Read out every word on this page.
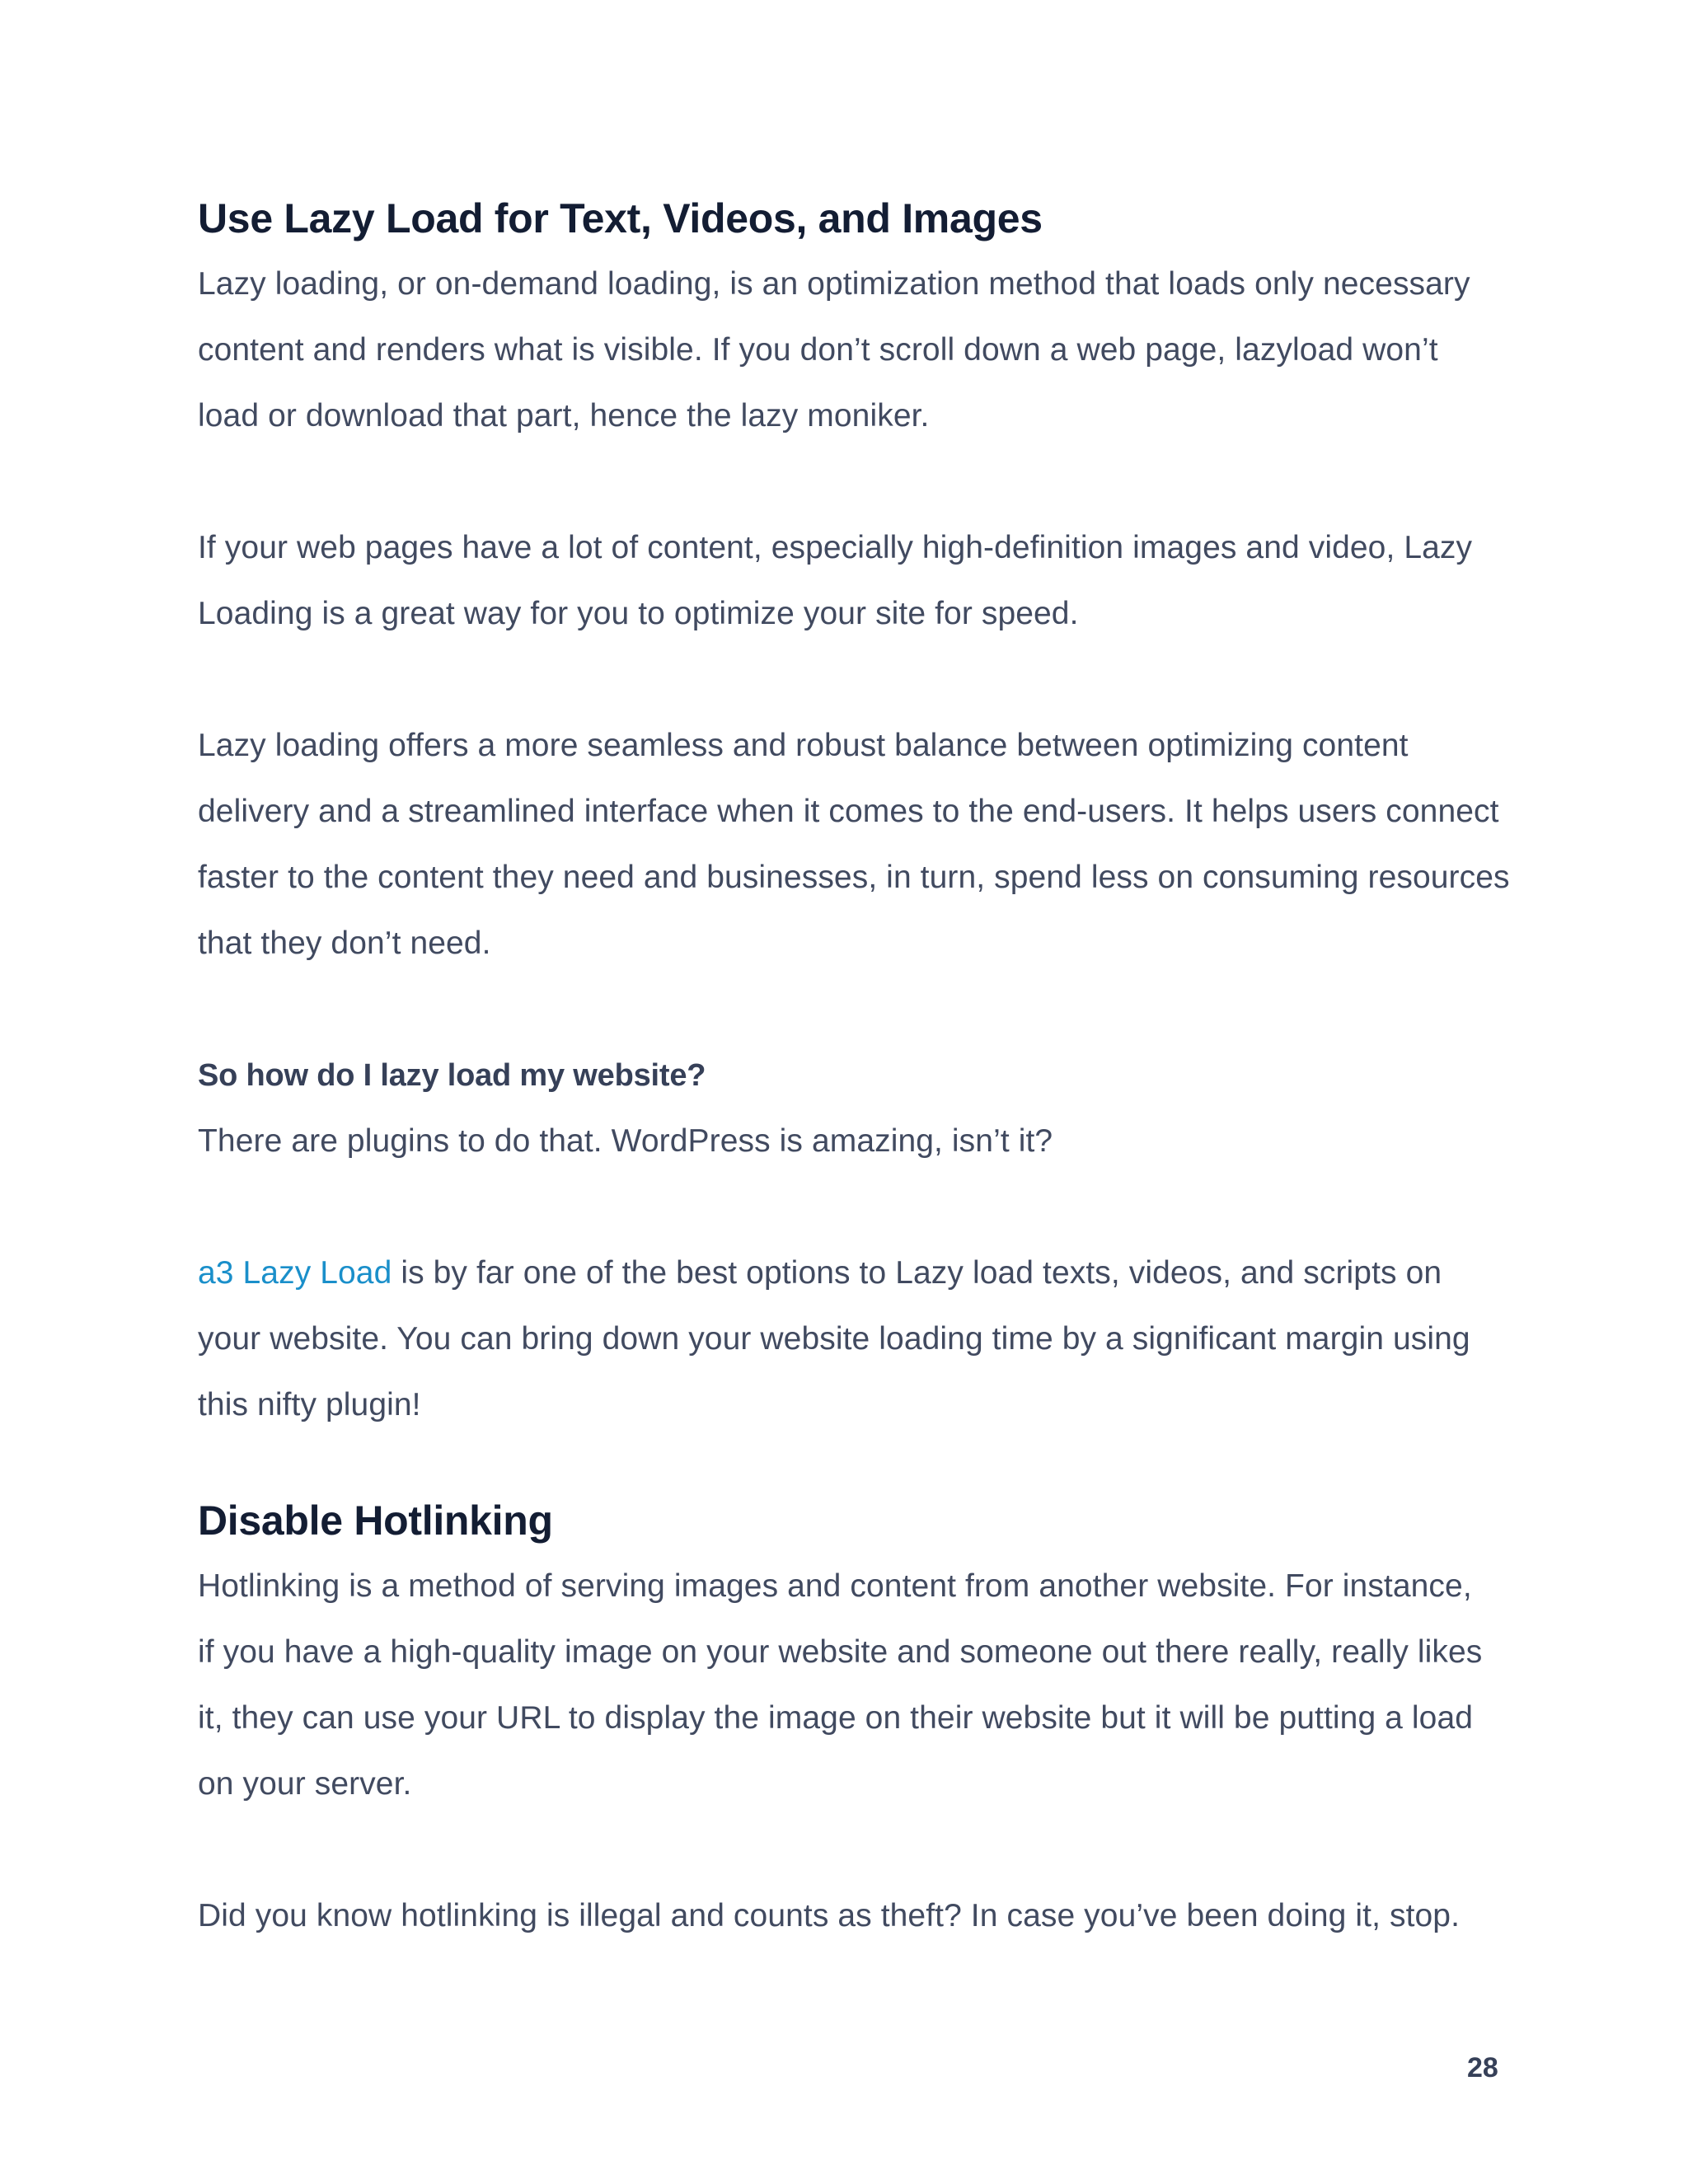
Use Lazy Load for Text, Videos, and Images

Lazy loading, or on-demand loading, is an optimization method that loads only necessary

content and renders what is visible. If you don’t scroll down a web page, lazyload won’t

load or download that part, hence the lazy moniker.

If your web pages have a lot of content, especially high-definition images and video, Lazy

Loading is a great way for you to optimize your site for speed.

Lazy loading offers a more seamless and robust balance between optimizing content

delivery and a streamlined interface when it comes to the end-users. It helps users connect

faster to the content they need and businesses, in turn, spend less on consuming resources

that they don’t need.

So how do I lazy load my website?

There are plugins to do that. WordPress is amazing, isn’t it?

a3 Lazy Load is by far one of the best options to Lazy load texts, videos, and scripts on

your website. You can bring down your website loading time by a significant margin using

this nifty plugin!

Disable Hotlinking

Hotlinking is a method of serving images and content from another website. For instance,

if you have a high-quality image on your website and someone out there really, really likes

it, they can use your URL to display the image on their website but it will be putting a load

on your server.

Did you know hotlinking is illegal and counts as theft? In case you’ve been doing it, stop.

28
